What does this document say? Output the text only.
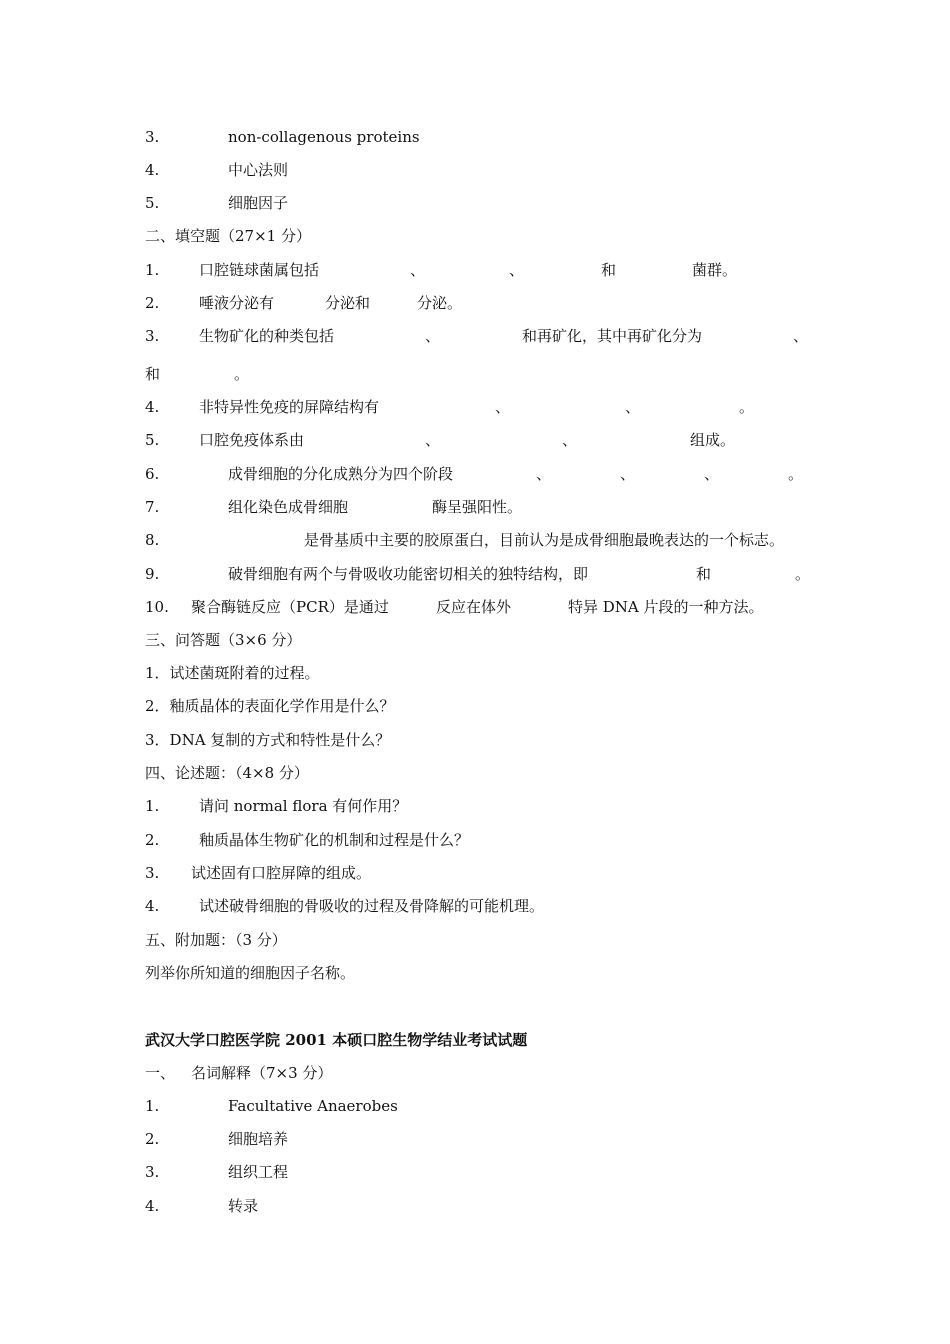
3.	non-collagenous proteins
4.	中心法则
5.	细胞因子
二、填空题（27×1 分）
1.	口腔链球菌属包括	、	、	和	菌群。
2.	唾液分泌有	分泌和	分泌。
3.	生物矿化的种类包括	、	和再矿化，其中再矿化分为	、
和	。
4.	非特异性免疫的屏障结构有	、	、	。
5.	口腔免疫体系由	、	、	组成。
6.	成骨细胞的分化成熟分为四个阶段	、	、	、	。
7.	组化染色成骨细胞	酶呈强阳性。
8.	是骨基质中主要的胶原蛋白，目前认为是成骨细胞最晚表达的一个标志。
9.	破骨细胞有两个与骨吸收功能密切相关的独特结构，即	和	。
10. 聚合酶链反应（PCR）是通过	反应在体外	特异 DNA 片段的一种方法。
三、问答题（3×6 分）
1．试述菌斑附着的过程。
2．釉质晶体的表面化学作用是什么？
3．DNA 复制的方式和特性是什么？
四、论述题：（4×8 分）
1.	请问 normal flora 有何作用？
2.	釉质晶体生物矿化的机制和过程是什么？
3. 试述固有口腔屏障的组成。
4.	试述破骨细胞的骨吸收的过程及骨降解的可能机理。
五、附加题：（3 分）
列举你所知道的细胞因子名称。
武汉大学口腔医学院 2001 本硕口腔生物学结业考试试题
一、 名词解释（7×3 分）
1.	Facultative Anaerobes
2.	细胞培养
3.	组织工程
4.	转录
